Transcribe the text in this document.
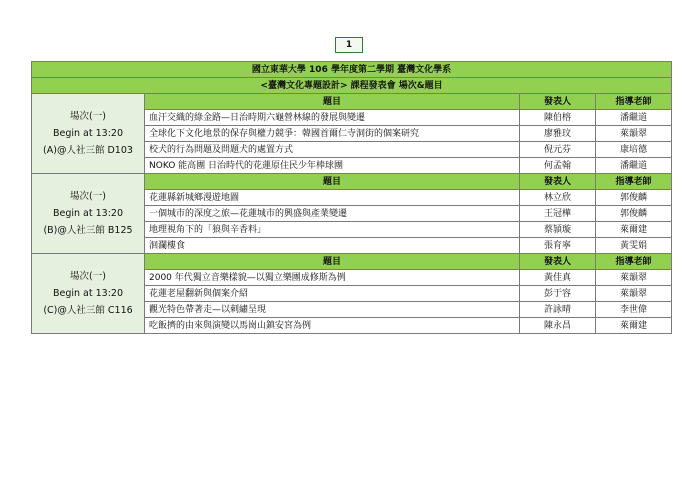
1
國立東華大學 106 學年度第二學期 臺灣文化學系			
<臺灣文化專題設計> 課程發表會 場次&題目			

場次(一)
Begin at 13:20
(A)@人社三館 D103	題目	發表人	指導老師
	血汗交織的綠金路—日治時期六龜營林線的發展與變遷	陳伯榕	潘繼道
	全球化下文化地景的保存與權力競爭：韓國首爾仁寺洞街的個案研究	廖雅玟	萊韻翠
	校犬的行為問題及問題犬的處置方式	倪元芬	康培德
	NOKO 能高團 日治時代的花蓮原住民少年棒球團	何孟翰	潘繼道

場次(一)
Begin at 13:20
(B)@人社三館 B125	題目	發表人	指導老師
	花蓮縣新城鄉漫遊地圖	林立欣	郭俊麟
	一個城市的深度之旅—花蓮城市的興盛與產業變遷	王冠樺	郭俊麟
	地理視角下的「狼與辛香料」	蔡頴璇	萊爾建
	洄瀾樓食	張育寧	黃雯娟

場次(一)
Begin at 13:20
(C)@人社三館 C116	題目	發表人	指導老師
	2000 年代獨立音樂樣貌—以獨立樂團成修斯為例	黃佳真	萊韻翠
	花蓮老屋翻新與個案介紹	彭于容	萊韻翠
	觀光特色帶著走—以刺繡呈現	許詠晴	李世偉
	吃飯擠的由來與演變以馬崗山鎮安宮為例	陳永昌	萊爾建
